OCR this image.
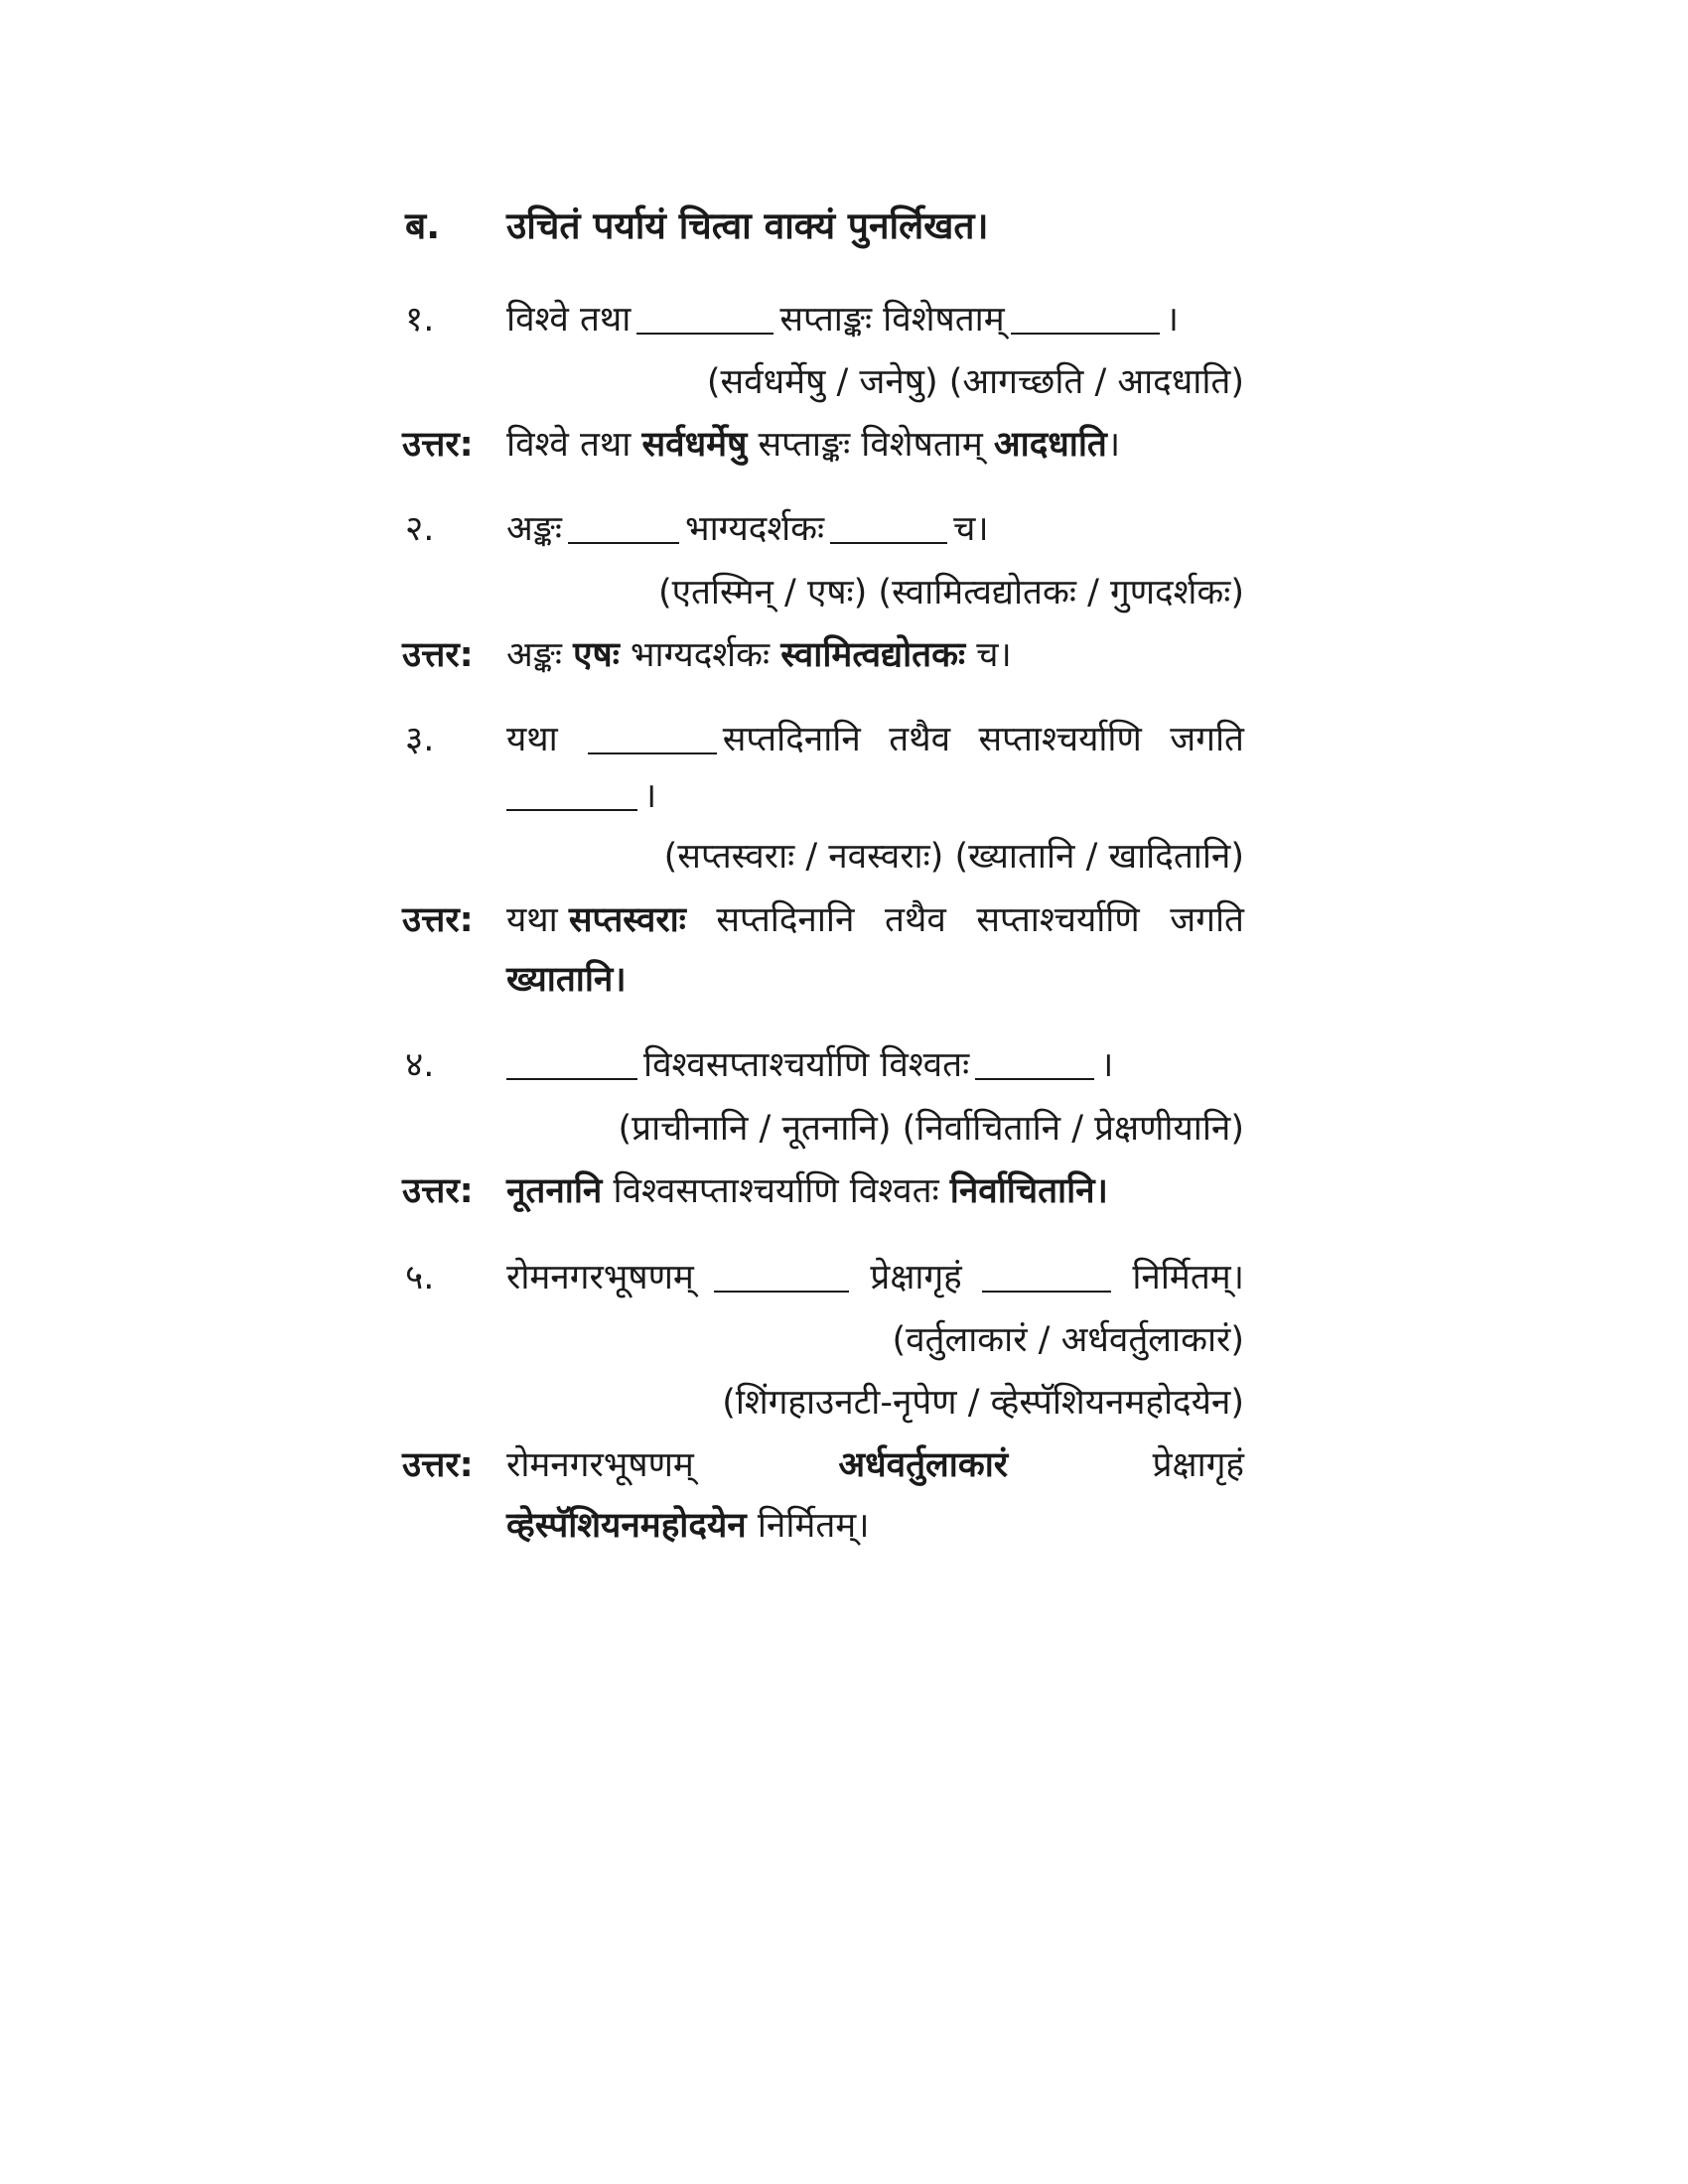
ब. उचितं पर्यायं चित्वा वाक्यं पुनर्लिखत।
१. विश्वे तथा	सप्ताङ्कः विशेषताम्	।
(सर्वधर्मेषु / जनेषु) (आगच्छति / आदधाति)
उत्तर: विश्वे तथा सर्वधर्मेषु सप्ताङ्कः विशेषताम् आदधाति।
२. अङ्कः	भाग्यदर्शकः	च।
(एतस्मिन् / एषः) (स्वामित्वद्योतकः / गुणदर्शकः)
उत्तर: अङ्कः एषः भाग्यदर्शकः स्वामित्वद्योतकः च।
३. यथा	सप्तदिनानि तथैव सप्ताश्चर्याणि जगति
।
(सप्तस्वराः / नवस्वराः) (ख्यातानि / खादितानि)
उत्तर: यथा सप्तस्वराः सप्तदिनानि तथैव सप्ताश्चर्याणि जगति
ख्यातानि।
४.	विश्वसप्ताश्चर्याणि विश्वतः	।
(प्राचीनानि / नूतनानि) (निर्वाचितानि / प्रेक्षणीयानि)
उत्तर: नूतनानि विश्वसप्ताश्चर्याणि विश्वतः निर्वाचितानि।
५. रोमनगरभूषणम्	प्रेक्षागृहं	निर्मितम्।
(वर्तुलाकारं / अर्धवर्तुलाकारं)
(शिंगहाउनटी-नृपेण / व्हेस्पॅशियनमहोदयेन)
उत्तर: रोमनगरभूषणम्	अर्धवर्तुलाकारं	प्रेक्षागृहं
व्हेस्पॅशियनमहोदयेन निर्मितम्।
